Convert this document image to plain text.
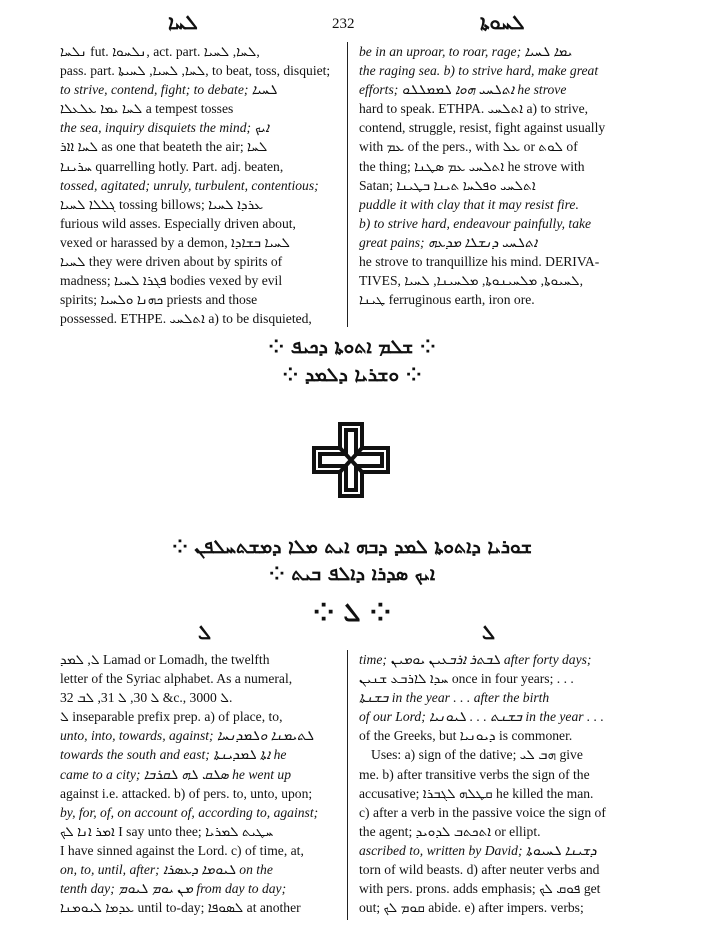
ܠܚܐ	232	ܠܚܘܬܐ
ܢܠܚܐ fut. ܢܠܚܘܐ, act. part. ܠܚܐ, ܠܚܝܐ,
pass. part. ܠܚܐ, ܠܚܝܐ, ܠܚܝܬܐ, to beat, toss, disquiet;
to strive, contend, fight; to debate; ܠܚܝܐ
ܠܚܐ ܝܡܐ ܥܠܥܠܐ a tempest tosses
the sea, inquiry disquiets the mind; ܐܝܟ
ܠܚܐ ܐܐܪ as one that beateth the air; ܠܚܐ
ܚܪܝܢܐ quarrelling hotly. Part. adj. beaten,
tossed, agitated; unruly, turbulent, contentious;
ܓܠܠܐ ܠܚܝܐ tossing billows; ܥܪܕܐ ܠܚܝܐ
furious wild asses. Especially driven about,
vexed or harassed by a demon, ܠܚܝܐ ܒܫܐܕܐ
ܠܚܝܐ they were driven about by spirits of
madness; ܦܓܪܐ ܠܚܝܐ bodies vexed by evil
spirits; ܟܗܢܐ ܘܠܚܝܐ priests and those
possessed. ETHPE. ܐܬܠܚܝ a) to be disquieted,
be in an uproar, to roar, rage; ܝܡܐ ܠܚܝܐ
the raging sea. b) to strive hard, make great
efforts; ܐܬܠܚܝ ܗܘܐ ܠܡܡܠܠܘ he strove
hard to speak. ETHPA. ܐܬܠܚܝ a) to strive,
contend, struggle, resist, fight against usually
with ܥܡ of the pers., with ܥܠ or ܠܘܬ of
the thing; ܐܬܠܚܝ ܥܡ ܣܛܢܐ he strove with
Satan; ܐܬܠܚܝ ܘܦܠܚܐ ܬܝܢܐ ܒܛܝܢܐ
puddle it with clay that it may resist fire.
b) to strive hard, endeavour painfully, take
great pains; ܐܬܠܚܝ ܕܢܫܠܐ ܡܕܥܗ
he strove to tranquillize his mind. DERIVA-
TIVES, ܠܚܝܘܬܐ, ܡܠܚܝܢܘܬܐ, ܡܠܚܝܢܐ, ܠܚܝܐ,
ܛܝܢܐ ferruginous earth, iron ore.
⁘ ܫܠܡ ܐܬܘܬܐ ܕܟܝܦ ⁘
⁘ ܘܫܪܝܐ ܕܠܡܕ ⁘
⁘ ܫܘܪܝܐ ܕܐܬܘܬܐ ܠܡܕ ܕܒܗ ܐܝܬ ܡܠܐ ܕܡܫܬܚܠܦܢ
⁘ ܐܝܟ ܣܕܪܐ ܕܐܠܦ ܒܝܬ
⁘ ܠ ⁘
ܠ	ܠ
ܠ, ܠܡܕ Lamad or Lomadh, the twelfth
letter of the Syriac alphabet. As a numeral,
ܠ 30, ܠ 31, ܠܒ 32 &c., ܠ 3000.
ܠ inseparable prefix prep. a) of place, to,
unto, into, towards, against; ܠܬܝܡܢܐ ܘܠܡܕܢܚܐ
towards the south and east; ܐܬܐ ܠܡܕܝܢܬܐ he
came to a city; ܣܠܩ ܠܗ ܠܩܪܒܐ he went up
against i.e. attacked. b) of pers. to, unto, upon;
by, for, of, on account of, according to, against;
ܐܡܪ ܐܢܐ ܠܟ I say unto thee; ܚܛܝܬ ܠܡܪܝܐ
I have sinned against the Lord. c) of time, at,
on, to, until, after; ܠܝܘܡܐ ܕܥܣܪܐ on the
tenth day; ܡܢ ܝܘܡ ܠܝܘܡ from day to day;
ܥܕܡܐ ܠܝܘܡܢܐ until to-day; ܠܣܘܦܐ at another
time; ܠܒܬܪ ܐܪܒܥܝܢ ܝܘܡܝܢ after forty days;
ܚܕܐ ܠܐܪܒܥ ܫܢܝܢ once in four years; . . .
ܒܫܢܬܐ in the year . . . after the birth
of our Lord; ܒܫܢܬ . . . ܠܝܘܢܝܐ in the year . . .
of the Greeks, but ܕܝܘܢܝܐ is commoner.
Uses: a) sign of the dative; ܗܒ ܠܝ give
me. b) after transitive verbs the sign of the
accusative; ܩܛܠܗ ܠܓܒܪܐ he killed the man.
c) after a verb in the passive voice the sign of
the agent; ܐܬܟܬܒ ܠܕܘܝܕ or ellipt.
ascribed to, written by David; ܕܫܝܢܐ ܠܚܝܘܬܐ
torn of wild beasts. d) after neuter verbs and
with pers. prons. adds emphasis; ܦܘܩ ܠܟ get
out; ܩܘܡ ܠܟ abide. e) after impers. verbs;
